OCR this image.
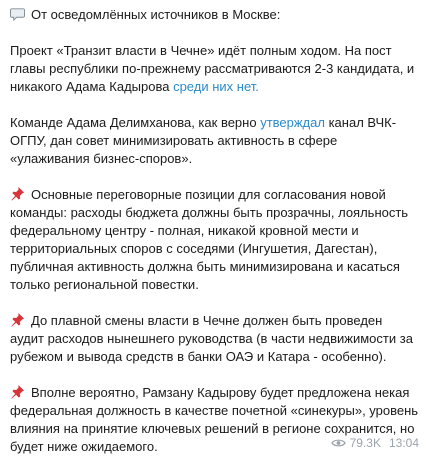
От осведомлённых источников в Москве:

Проект «Транзит власти в Чечне» идёт полным ходом. На пост главы республики по-прежнему рассматриваются 2-3 кандидата, и никакого Адама Кадырова среди них нет.

Команде Адама Делимханова, как верно утверждал канал ВЧК-ОГПУ, дан совет минимизировать активность в сфере «улаживания бизнес-споров».

Основные переговорные позиции для согласования новой команды: расходы бюджета должны быть прозрачны, лояльность федеральному центру - полная, никакой кровной мести и территориальных споров с соседями (Ингушетия, Дагестан), публичная активность должна быть минимизирована и касаться только региональной повестки.

До плавной смены власти в Чечне должен быть проведен аудит расходов нынешнего руководства (в части недвижимости за рубежом и вывода средств в банки ОАЭ и Катара - особенно).

Вполне вероятно, Рамзану Кадырову будет предложена некая федеральная должность в качестве почетной «синекуры», уровень влияния на принятие ключевых решений в регионе сохранится, но будет ниже ожидаемого.	79.3K 13:04
